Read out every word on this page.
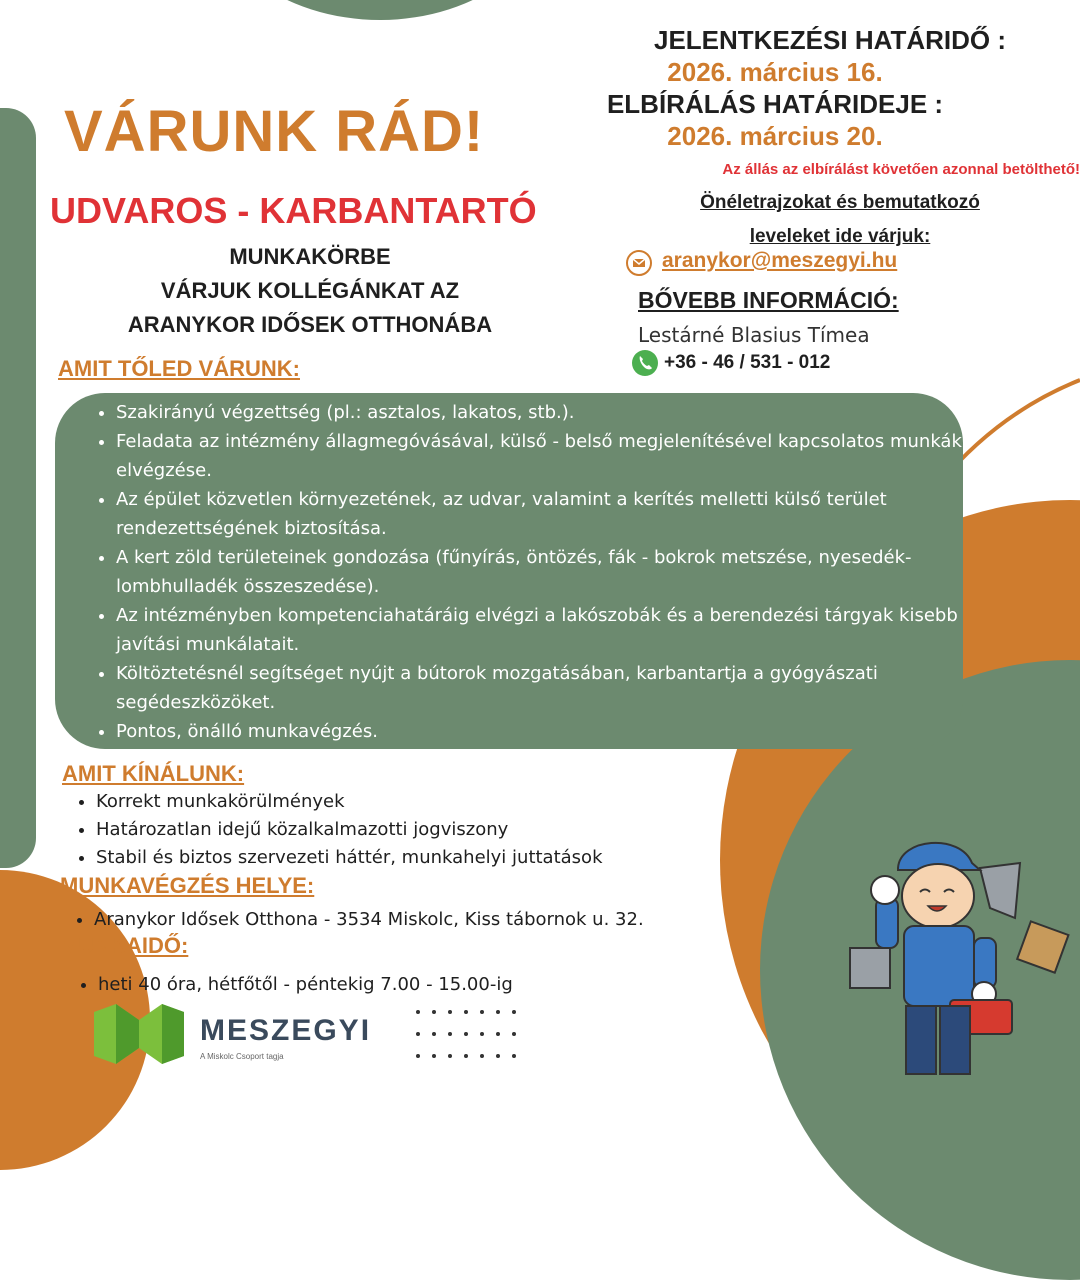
VÁRUNK RÁD!
UDVAROS - KARBANTARTÓ
MUNKAKÖRBE
VÁRJUK KOLLÉGÁNKAT AZ
ARANYKOR IDŐSEK OTTHONÁBA
JELENTKEZÉSI HATÁRIDŐ :
2026. március 16.
ELBÍRÁLÁS HATÁRIDEJE :
2026. március 20.
Az állás az elbírálást követően azonnal betölthető!
Önéletrajzokat és bemutatkozó
leveleket ide várjuk:
aranykor@meszegyi.hu
BŐVEBB INFORMÁCIÓ:
Lestárné Blasius Tímea
+36 - 46 / 531 - 012
AMIT TŐLED VÁRUNK:
• Szakirányú végzettség (pl.: asztalos, lakatos, stb.).
• Feladata az intézmény állagmegóvásával, külső - belső megjelenítésével kapcsolatos munkák elvégzése.
• Az épület közvetlen környezetének, az udvar, valamint a kerítés melletti külső terület rendezettségének biztosítása.
• A kert zöld területeinek gondozása (fűnyírás, öntözés, fák - bokrok metszése, nyesedék-lombhulladék összeszedése).
• Az intézményben kompetenciahatáráig elvégzi a lakószobák és a berendezési tárgyak kisebb javítási munkálatait.
• Költöztetésnél segítséget nyújt a bútorok mozgatásában, karbantartja a gyógyászati segédeszközöket.
• Pontos, önálló munkavégzés.
AMIT KÍNÁLUNK:
• Korrekt munkakörülmények
• Határozatlan idejű közalkalmazotti jogviszony
• Stabil és biztos szervezeti háttér, munkahelyi juttatások
MUNKAVÉGZÉS HELYE:
• Aranykor Idősek Otthona - 3534 Miskolc, Kiss tábornok u. 32.
MUNKAIDŐ:
• heti 40 óra, hétfőtől - péntekig 7.00 - 15.00-ig
MESZEGYI
A Miskolc Csoport tagja
